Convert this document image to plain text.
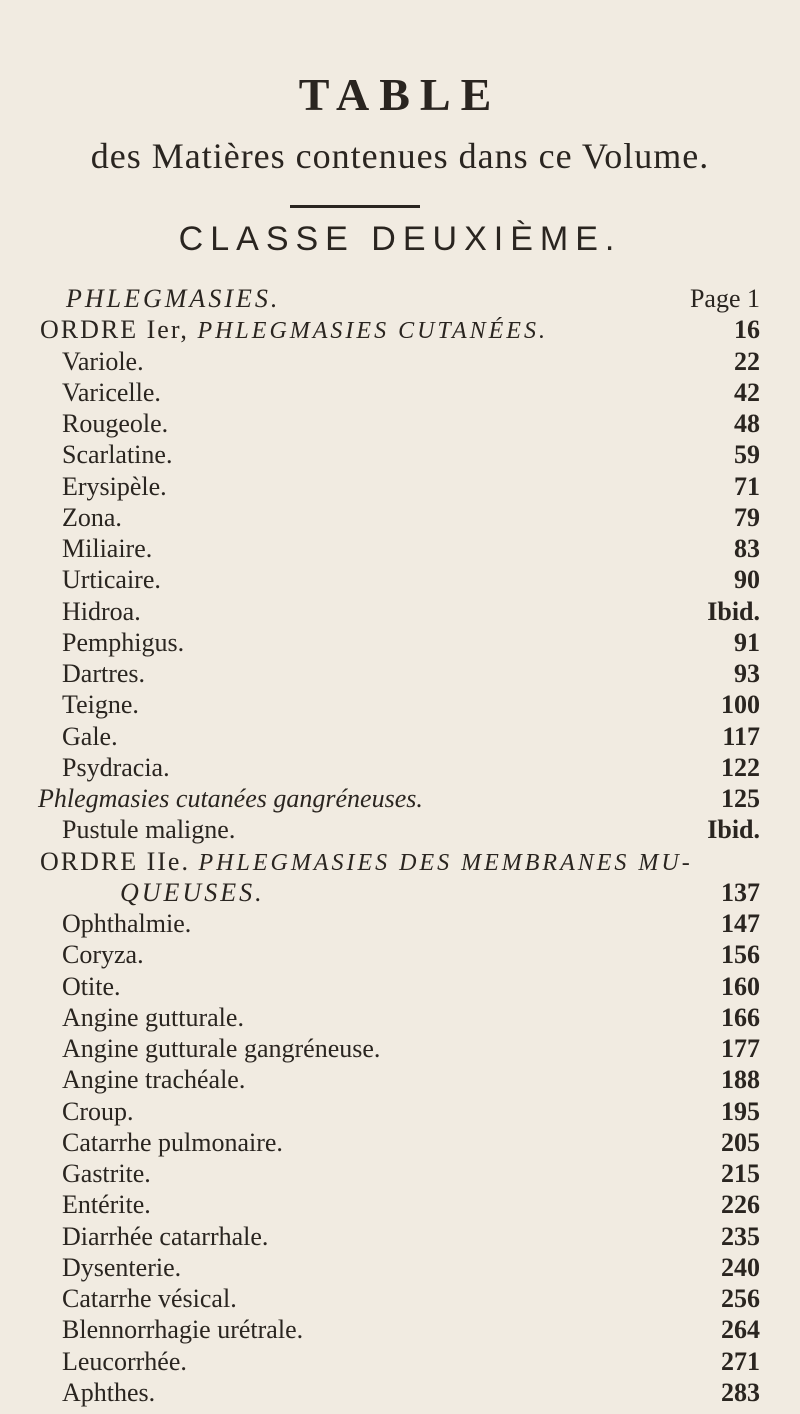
TABLE
des Matières contenues dans ce Volume.
CLASSE DEUXIÈME.
PHLEGMASIES.	Page 1
ORDRE Ier, PHLEGMASIES CUTANÉES.	16
Variole.	22
Varicelle.	42
Rougeole.	48
Scarlatine.	59
Erysipèle.	71
Zona.	79
Miliaire.	83
Urticaire.	90
Hidroa.	Ibid.
Pemphigus.	91
Dartres.	93
Teigne.	100
Gale.	117
Psydracia.	122
Phlegmasies cutanées gangréneuses.	125
Pustule maligne.	Ibid.
ORDRE IIe. PHLEGMASIES DES MEMBRANES MU-
QUEUSES.	137
Ophthalmie.	147
Coryza.	156
Otite.	160
Angine gutturale.	166
Angine gutturale gangréneuse.	177
Angine trachéale.	188
Croup.	195
Catarrhe pulmonaire.	205
Gastrite.	215
Entérite.	226
Diarrhée catarrhale.	235
Dysenterie.	240
Catarrhe vésical.	256
Blennorrhagie urétrale.	264
Leucorrhée.	271
Aphthes.	283
